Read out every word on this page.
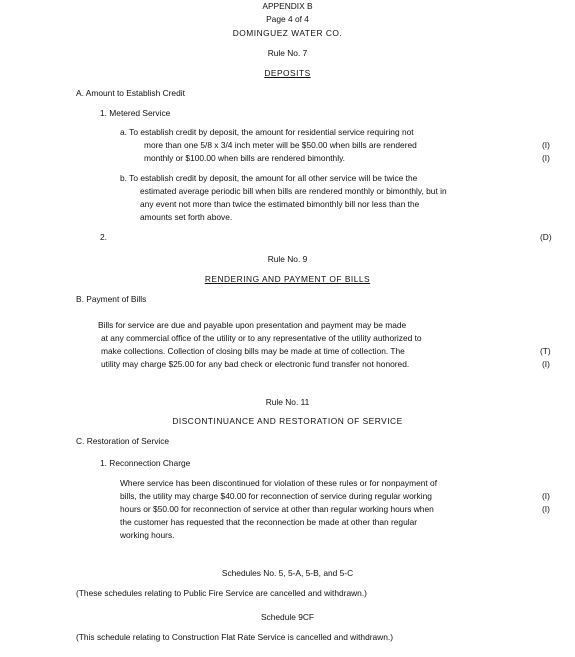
APPENDIX B
Page 4 of 4
DOMINGUEZ WATER CO.
Rule No. 7
DEPOSITS
A. Amount to Establish Credit
1. Metered Service
a. To establish credit by deposit, the amount for residential service requiring not
more than one 5/8 x 3/4 inch meter will be $50.00 when bills are rendered
monthly or $100.00 when bills are rendered bimonthly.
(I)
(I)
b. To establish credit by deposit, the amount for all other service will be twice the
estimated average periodic bill when bills are rendered monthly or bimonthly, but in
any event not more than twice the estimated bimonthly bill nor less than the
amounts set forth above.
2.	(D)
Rule No. 9
RENDERING AND PAYMENT OF BILLS
B. Payment of Bills
Bills for service are due and payable upon presentation and payment may be made
at any commercial office of the utility or to any representative of the utility authorized to
make collections. Collection of closing bills may be made at time of collection. The
utility may charge $25.00 for any bad check or electronic fund transfer not honored.
(T)
(I)
Rule No. 11
DISCONTINUANCE AND RESTORATION OF SERVICE
C. Restoration of Service
1. Reconnection Charge
Where service has been discontinued for violation of these rules or for nonpayment of
bills, the utility may charge $40.00 for reconnection of service during regular working
hours or $50.00 for reconnection of service at other than regular working hours when
the customer has requested that the reconnection be made at other than regular
working hours.
(I)
(I)
Schedules No. 5, 5-A, 5-B, and 5-C
(These schedules relating to Public Fire Service are cancelled and withdrawn.)
Schedule 9CF
(This schedule relating to Construction Flat Rate Service is cancelled and withdrawn.)
